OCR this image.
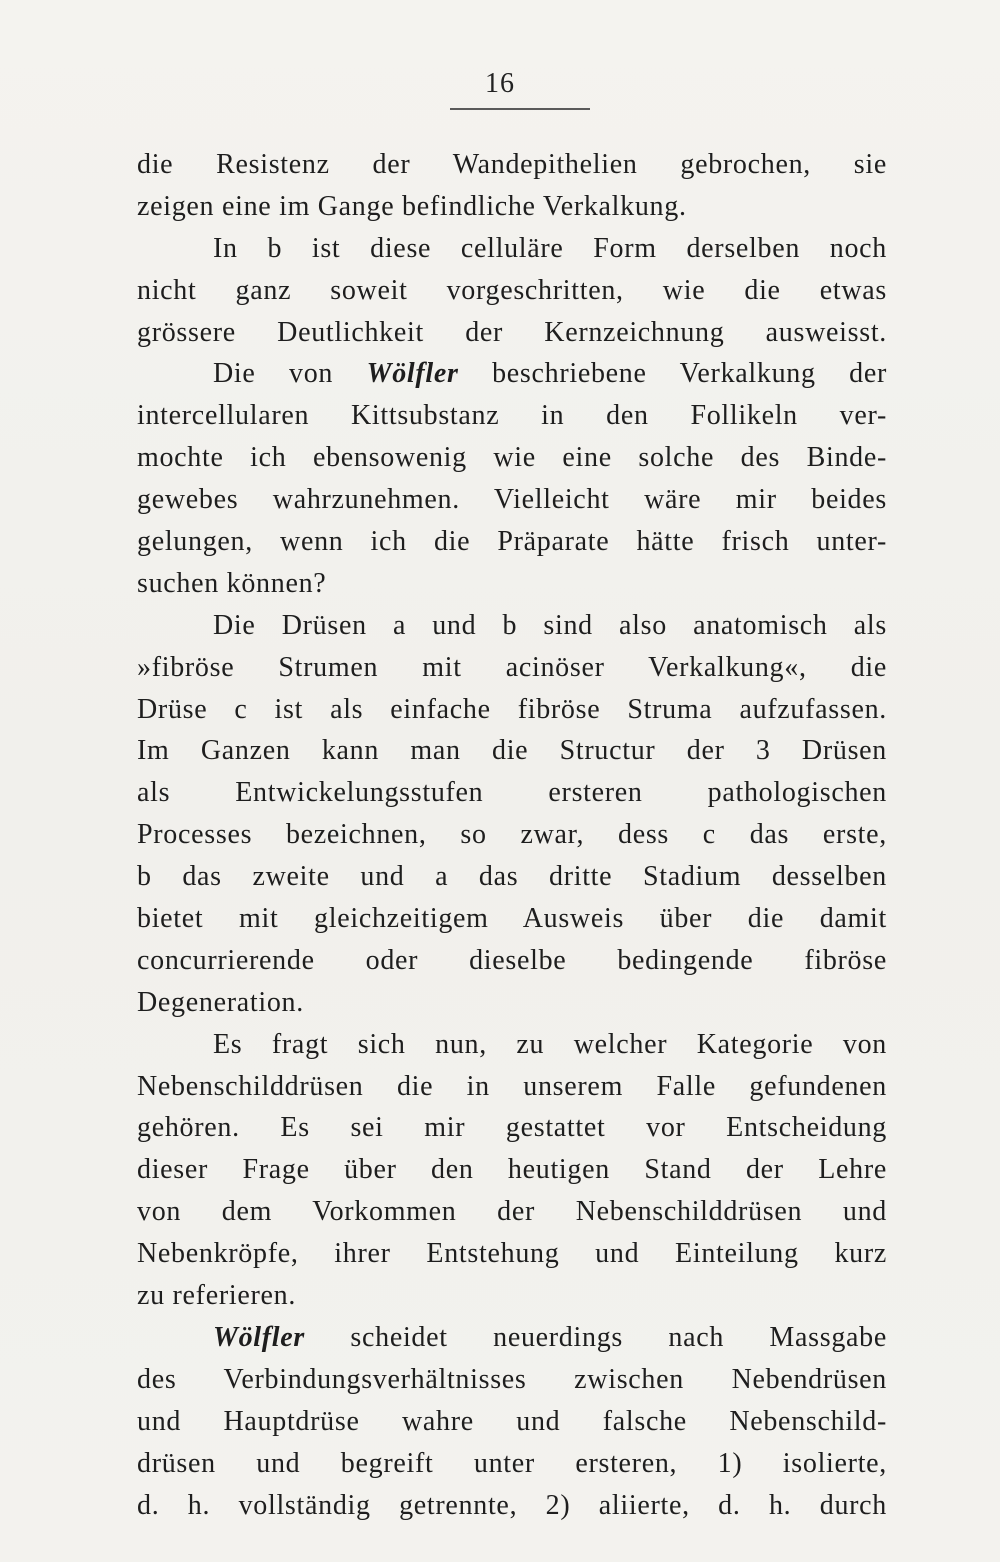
16
die Resistenz der Wandepithelien gebrochen, sie
zeigen eine im Gange befindliche Verkalkung.
In b ist diese celluläre Form derselben noch
nicht ganz soweit vorgeschritten, wie die etwas
grössere Deutlichkeit der Kernzeichnung ausweisst.
Die von Wölfler beschriebene Verkalkung der
intercellularen Kittsubstanz in den Follikeln ver-
mochte ich ebensowenig wie eine solche des Binde-
gewebes wahrzunehmen. Vielleicht wäre mir beides
gelungen, wenn ich die Präparate hätte frisch unter-
suchen können?
Die Drüsen a und b sind also anatomisch als
»fibröse Strumen mit acinöser Verkalkung«, die
Drüse c ist als einfache fibröse Struma aufzufassen.
Im Ganzen kann man die Structur der 3 Drüsen
als Entwickelungsstufen ersteren pathologischen
Processes bezeichnen, so zwar, dess c das erste,
b das zweite und a das dritte Stadium desselben
bietet mit gleichzeitigem Ausweis über die damit
concurrierende oder dieselbe bedingende fibröse
Degeneration.
Es fragt sich nun, zu welcher Kategorie von
Nebenschilddrüsen die in unserem Falle gefundenen
gehören. Es sei mir gestattet vor Entscheidung
dieser Frage über den heutigen Stand der Lehre
von dem Vorkommen der Nebenschilddrüsen und
Nebenkröpfe, ihrer Entstehung und Einteilung kurz
zu referieren.
Wölfler scheidet neuerdings nach Massgabe
des Verbindungsverhältnisses zwischen Nebendrüsen
und Hauptdrüse wahre und falsche Nebenschild-
drüsen und begreift unter ersteren, 1) isolierte,
d. h. vollständig getrennte, 2) aliierte, d. h. durch
